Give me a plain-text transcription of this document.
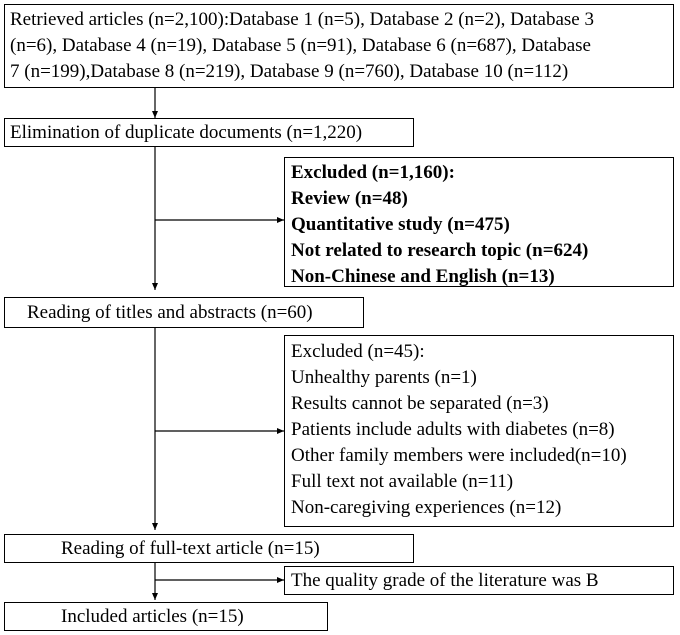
Retrieved articles (n=2,100):Database 1 (n=5), Database 2 (n=2), Database 3
(n=6), Database 4 (n=19), Database 5 (n=91), Database 6 (n=687), Database
7 (n=199),Database 8 (n=219), Database 9 (n=760), Database 10 (n=112)
Elimination of duplicate documents (n=1,220)
Excluded (n=1,160):
Review (n=48)
Quantitative study (n=475)
Not related to research topic (n=624)
Non-Chinese and English (n=13)
Reading of titles and abstracts (n=60)
Excluded (n=45):
Unhealthy parents (n=1)
Results cannot be separated (n=3)
Patients include adults with diabetes (n=8)
Other family members were included(n=10)
Full text not available (n=11)
Non-caregiving experiences (n=12)
Reading of full-text article (n=15)
The quality grade of the literature was B
Included articles (n=15)
